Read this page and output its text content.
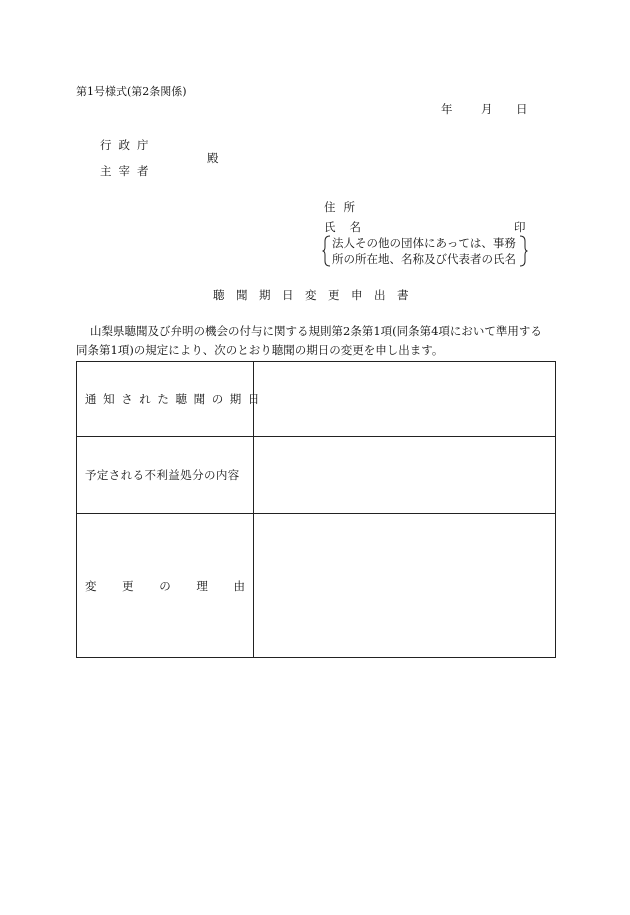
第1号様式(第2条関係)
年 月 日
行政庁
主宰者
殿
住所
氏名	印
法人その他の団体にあっては、事務
所の所在地、名称及び代表者の氏名
聴聞期日変更申出書
山梨県聴聞及び弁明の機会の付与に関する規則第2条第1項(同条第4項において準用する
同条第1項)の規定により、次のとおり聴聞の期日の変更を申し出ます。
通知された聴聞の期日	
予定される不利益処分の内容	

変 更 の 理 由	
